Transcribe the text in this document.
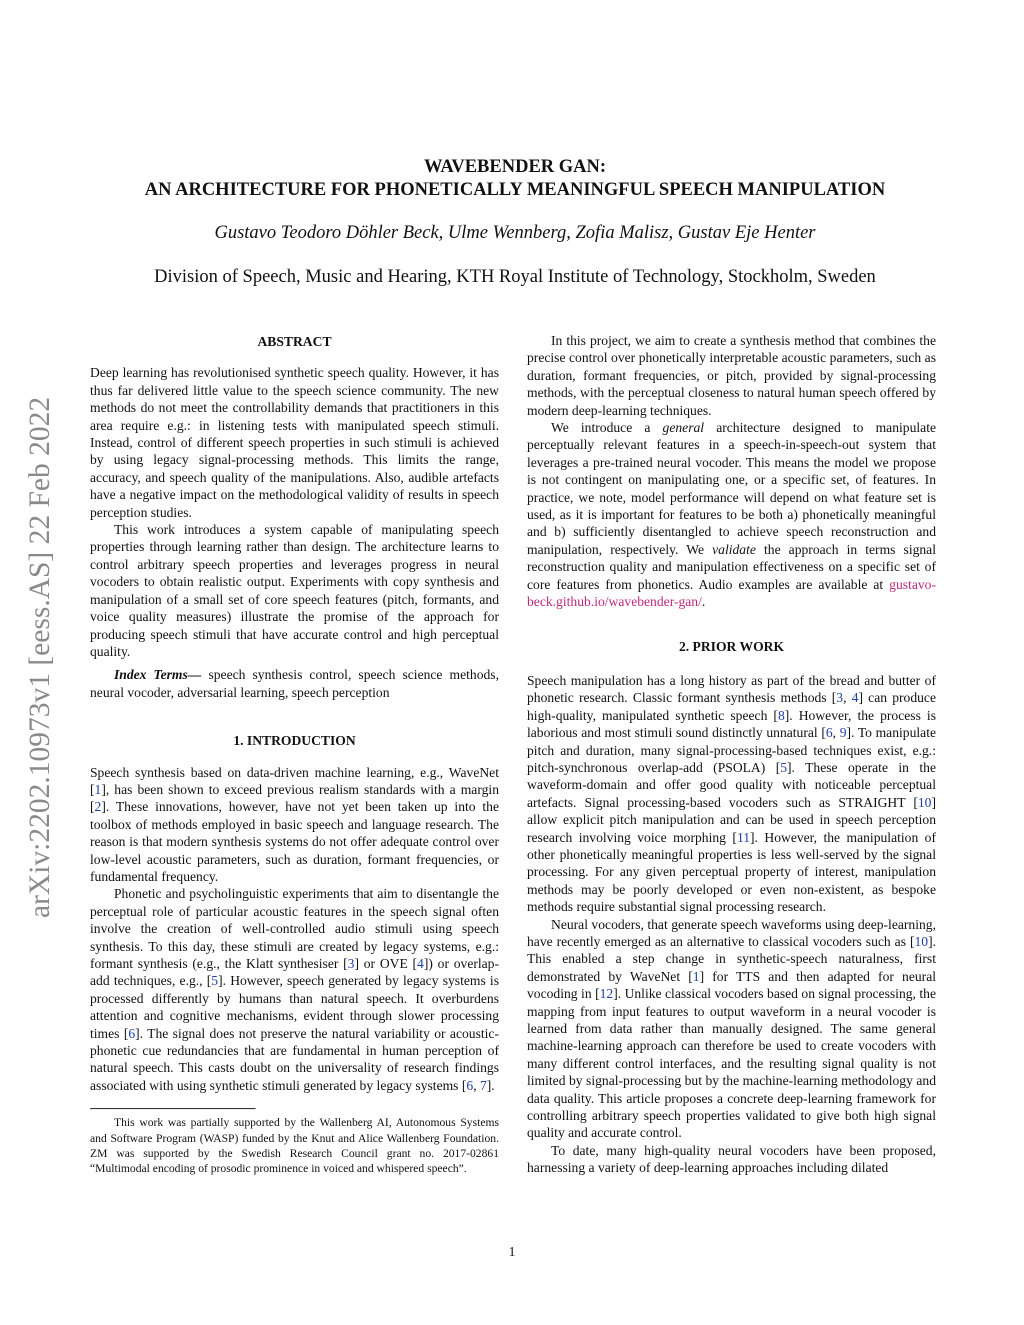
arXiv:2202.10973v1 [eess.AS] 22 Feb 2022
WAVEBENDER GAN:
AN ARCHITECTURE FOR PHONETICALLY MEANINGFUL SPEECH MANIPULATION
Gustavo Teodoro Döhler Beck, Ulme Wennberg, Zofia Malisz, Gustav Eje Henter
Division of Speech, Music and Hearing, KTH Royal Institute of Technology, Stockholm, Sweden
ABSTRACT

Deep learning has revolutionised synthetic speech quality. However, it has thus far delivered little value to the speech science community. The new methods do not meet the controllability demands that practitioners in this area require e.g.: in listening tests with manipulated speech stimuli. Instead, control of different speech properties in such stimuli is achieved by using legacy signal-processing methods. This limits the range, accuracy, and speech quality of the manipulations. Also, audible artefacts have a negative impact on the methodological validity of results in speech perception studies.

This work introduces a system capable of manipulating speech properties through learning rather than design. The architecture learns to control arbitrary speech properties and leverages progress in neural vocoders to obtain realistic output. Experiments with copy synthesis and manipulation of a small set of core speech features (pitch, formants, and voice quality measures) illustrate the promise of the approach for producing speech stimuli that have accurate control and high perceptual quality.

Index Terms— speech synthesis control, speech science methods, neural vocoder, adversarial learning, speech perception

1. INTRODUCTION

Speech synthesis based on data-driven machine learning, e.g., WaveNet [1], has been shown to exceed previous realism standards with a margin [2]. These innovations, however, have not yet been taken up into the toolbox of methods employed in basic speech and language research. The reason is that modern synthesis systems do not offer adequate control over low-level acoustic parameters, such as duration, formant frequencies, or fundamental frequency.

Phonetic and psycholinguistic experiments that aim to disentangle the perceptual role of particular acoustic features in the speech signal often involve the creation of well-controlled audio stimuli using speech synthesis. To this day, these stimuli are created by legacy systems, e.g.: formant synthesis (e.g., the Klatt synthesiser [3] or OVE [4]) or overlap-add techniques, e.g., [5]. However, speech generated by legacy systems is processed differently by humans than natural speech. It overburdens attention and cognitive mechanisms, evident through slower processing times [6]. The signal does not preserve the natural variability or acoustic-phonetic cue redundancies that are fundamental in human perception of natural speech. This casts doubt on the universality of research findings associated with using synthetic stimuli generated by legacy systems [6, 7].

This work was partially supported by the Wallenberg AI, Autonomous Systems and Software Program (WASP) funded by the Knut and Alice Wallenberg Foundation. ZM was supported by the Swedish Research Council grant no. 2017-02861 “Multimodal encoding of prosodic prominence in voiced and whispered speech”.

In this project, we aim to create a synthesis method that combines the precise control over phonetically interpretable acoustic parameters, such as duration, formant frequencies, or pitch, provided by signal-processing methods, with the perceptual closeness to natural human speech offered by modern deep-learning techniques.

We introduce a general architecture designed to manipulate perceptually relevant features in a speech-in-speech-out system that leverages a pre-trained neural vocoder. This means the model we propose is not contingent on manipulating one, or a specific set, of features. In practice, we note, model performance will depend on what feature set is used, as it is important for features to be both a) phonetically meaningful and b) sufficiently disentangled to achieve speech reconstruction and manipulation, respectively. We validate the approach in terms signal reconstruction quality and manipulation effectiveness on a specific set of core features from phonetics. Audio examples are available at gustavo-beck.github.io/wavebender-gan/.

2. PRIOR WORK

Speech manipulation has a long history as part of the bread and butter of phonetic research. Classic formant synthesis methods [3, 4] can produce high-quality, manipulated synthetic speech [8]. However, the process is laborious and most stimuli sound distinctly unnatural [6, 9]. To manipulate pitch and duration, many signal-processing-based techniques exist, e.g.: pitch-synchronous overlap-add (PSOLA) [5]. These operate in the waveform-domain and offer good quality with noticeable perceptual artefacts. Signal processing-based vocoders such as STRAIGHT [10] allow explicit pitch manipulation and can be used in speech perception research involving voice morphing [11]. However, the manipulation of other phonetically meaningful properties is less well-served by the signal processing. For any given perceptual property of interest, manipulation methods may be poorly developed or even non-existent, as bespoke methods require substantial signal processing research.

Neural vocoders, that generate speech waveforms using deep-learning, have recently emerged as an alternative to classical vocoders such as [10]. This enabled a step change in synthetic-speech naturalness, first demonstrated by WaveNet [1] for TTS and then adapted for neural vocoding in [12]. Unlike classical vocoders based on signal processing, the mapping from input features to output waveform in a neural vocoder is learned from data rather than manually designed. The same general machine-learning approach can therefore be used to create vocoders with many different control interfaces, and the resulting signal quality is not limited by signal-processing but by the machine-learning methodology and data quality. This article proposes a concrete deep-learning framework for controlling arbitrary speech properties validated to give both high signal quality and accurate control.

To date, many high-quality neural vocoders have been proposed, harnessing a variety of deep-learning approaches including dilated

1
